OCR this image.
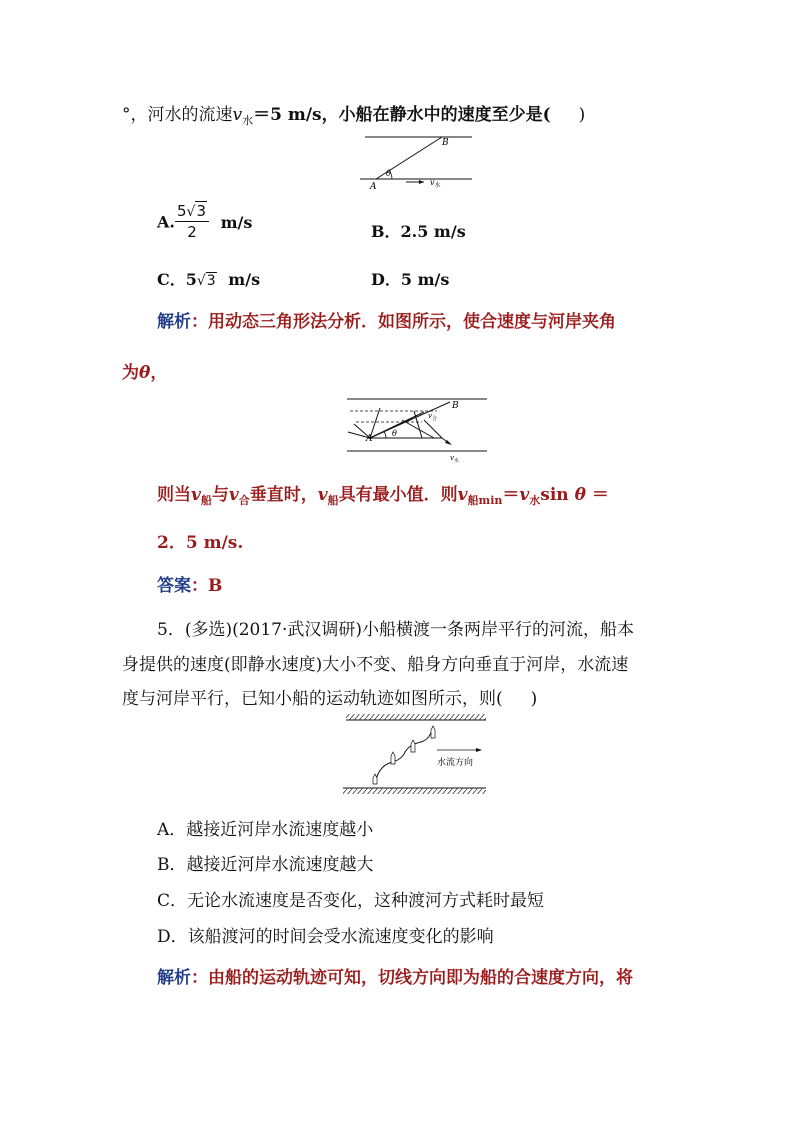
°，河水的流速$v_水=5$ m/s，小船在静水中的速度至少是( )
A
B
θ
$v_水$
A. $\frac{5√3}{2} m/s$	B．2.5 m/s
C．5√3 m/s	D．5 m/s
解析：用动态三角形法分析．如图所示，使合速度与河岸夹角
为θ，
A
B
θ
$v_合$
$v_水$
则当$v_船$与$v_合$垂直时，$v_船$具有最小值．则$v_{船min}=v_水\sin$ θ ＝
2．5 m/s.
答案：B
5．(多选)(2017·武汉调研)小船横渡一条两岸平行的河流，船本
身提供的速度(即静水速度)大小不变、船身方向垂直于河岸，水流速
度与河岸平行，已知小船的运动轨迹如图所示，则( )
水流方向
A．越接近河岸水流速度越小
B．越接近河岸水流速度越大
C．无论水流速度是否变化，这种渡河方式耗时最短
D．该船渡河的时间会受水流速度变化的影响
解析：由船的运动轨迹可知，切线方向即为船的合速度方向，将
